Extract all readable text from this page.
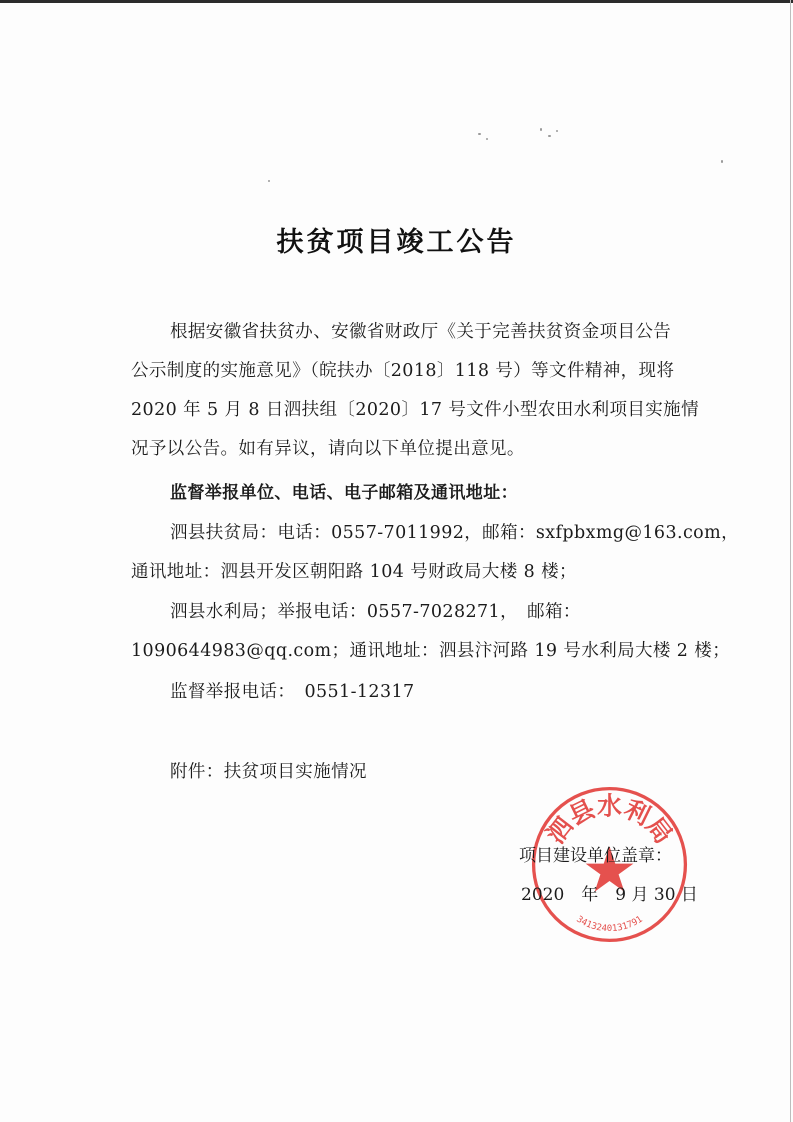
扶贫项目竣工公告
根据安徽省扶贫办、安徽省财政厅《关于完善扶贫资金项目公告
公示制度的实施意见》（皖扶办〔2018〕118 号）等文件精神，现将
2020 年 5 月 8 日泗扶组〔2020〕17 号文件小型农田水利项目实施情
况予以公告。如有异议，请向以下单位提出意见。
监督举报单位、电话、电子邮箱及通讯地址：
泗县扶贫局：电话：0557-7011992，邮箱：sxfpbxmg@163.com，
通讯地址：泗县开发区朝阳路 104 号财政局大楼 8 楼；
泗县水利局；举报电话：0557-7028271，　邮箱：
1090644983@qq.com；通讯地址：泗县汴河路 19 号水利局大楼 2 楼；
监督举报电话：　0551-12317
附件：扶贫项目实施情况
泗县水利局
3413240131791
项目建设单位盖章：
2020　年　9 月 30 日
